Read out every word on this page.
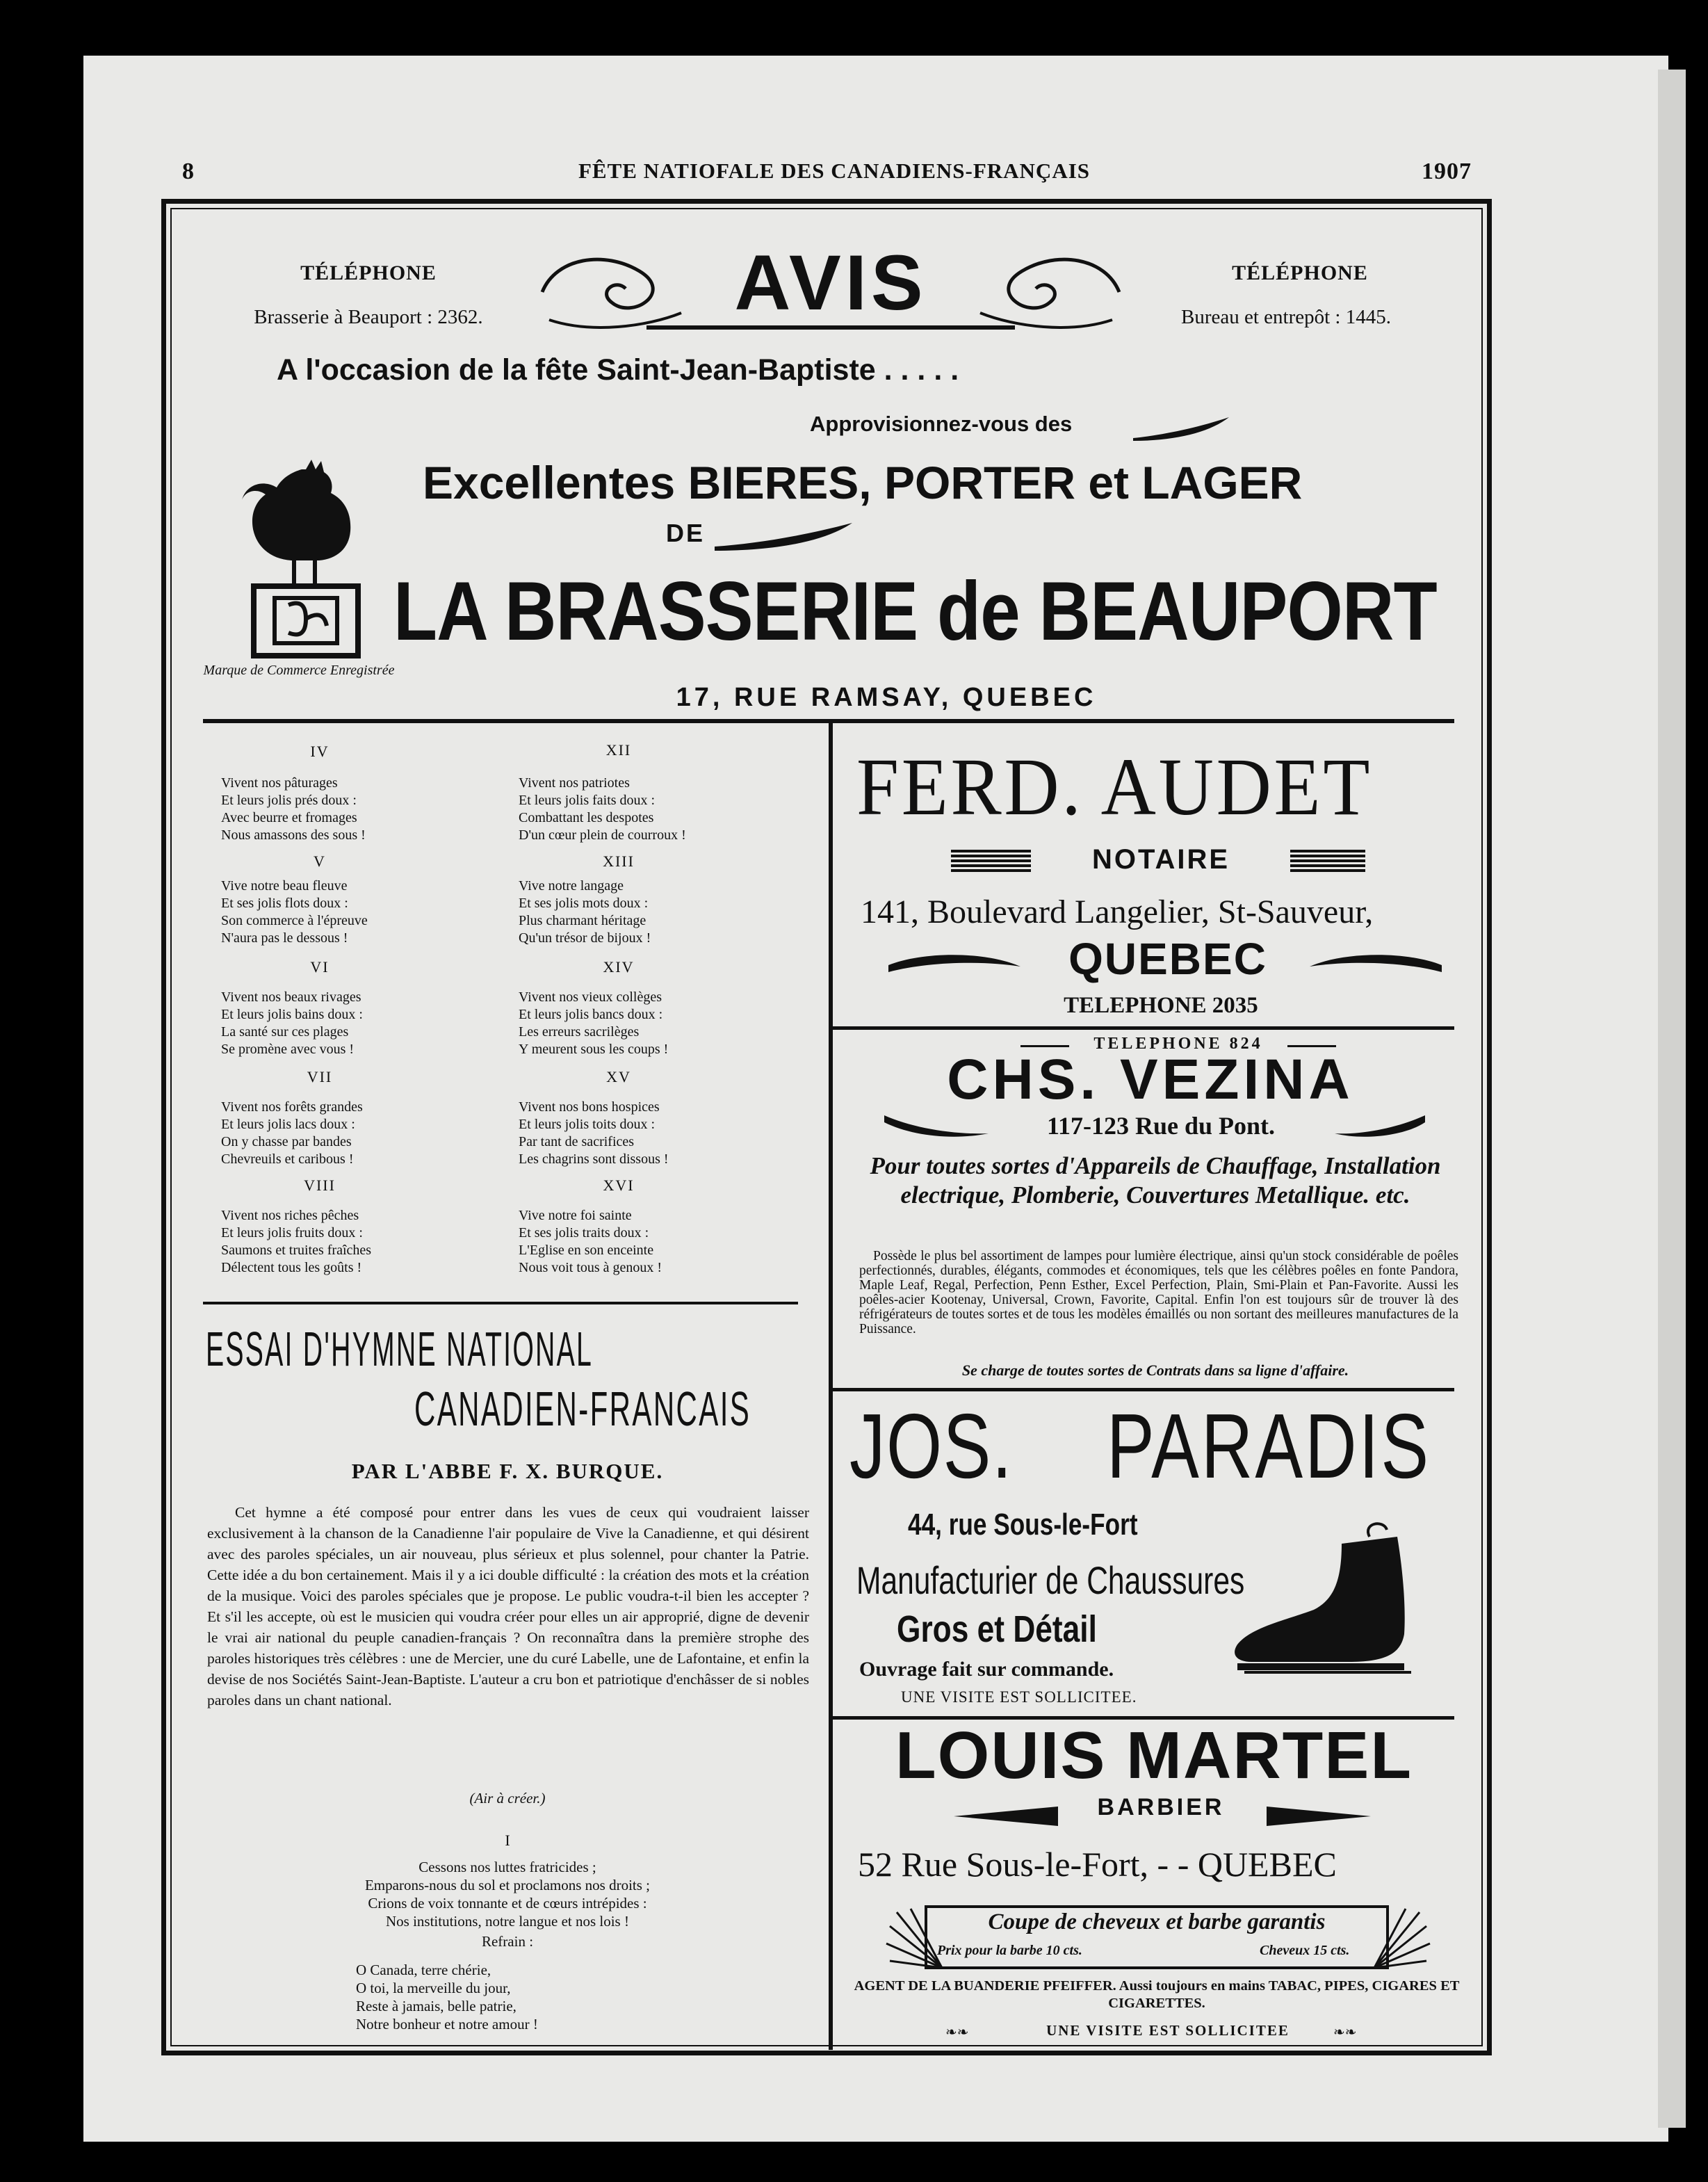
8	FÊTE NATIOFALE DES CANADIENS-FRANÇAIS	1907
TÉLÉPHONE
Brasserie à Beauport : 2362.	AVIS	TÉLÉPHONE
Bureau et entrepôt : 1445.
A l'occasion de la fête Saint-Jean-Baptiste . . . . .
Approvisionnez-vous des
Excellentes BIERES, PORTER et LAGER
DE
Marque de Commerce Enregistrée
LA BRASSERIE de BEAUPORT
17, RUE RAMSAY, QUEBEC
IV
Vivent nos pâturages
Et leurs jolis prés doux :
Avec beurre et fromages
Nous amassons des sous !
V
Vive notre beau fleuve
Et ses jolis flots doux :
Son commerce à l'épreuve
N'aura pas le dessous !
VI
Vivent nos beaux rivages
Et leurs jolis bains doux :
La santé sur ces plages
Se promène avec vous !
VII
Vivent nos forêts grandes
Et leurs jolis lacs doux :
On y chasse par bandes
Chevreuils et caribous !
VIII
Vivent nos riches pêches
Et leurs jolis fruits doux :
Saumons et truites fraîches
Délectent tous les goûts !
XII
Vivent nos patriotes
Et leurs jolis faits doux :
Combattant les despotes
D'un cœur plein de courroux !
XIII
Vive notre langage
Et ses jolis mots doux :
Plus charmant héritage
Qu'un trésor de bijoux !
XIV
Vivent nos vieux collèges
Et leurs jolis bancs doux :
Les erreurs sacrilèges
Y meurent sous les coups !
XV
Vivent nos bons hospices
Et leurs jolis toits doux :
Par tant de sacrifices
Les chagrins sont dissous !
XVI
Vive notre foi sainte
Et ses jolis traits doux :
L'Eglise en son enceinte
Nous voit tous à genoux !
ESSAI D'HYMNE NATIONAL
CANADIEN-FRANCAIS
PAR L'ABBE F. X. BURQUE.
Cet hymne a été composé pour entrer dans les vues de ceux qui voudraient laisser exclusivement à la chanson de la Canadienne l'air populaire de Vive la Canadienne, et qui désirent avec des paroles spéciales, un air nouveau, plus sérieux et plus solennel, pour chanter la Patrie. Cette idée a du bon certainement. Mais il y a ici double difficulté : la création des mots et la création de la musique. Voici des paroles spéciales que je propose. Le public voudra-t-il bien les accepter ? Et s'il les accepte, où est le musicien qui voudra créer pour elles un air approprié, digne de devenir le vrai air national du peuple canadien-français ? On reconnaîtra dans la première strophe des paroles historiques très célèbres : une de Mercier, une du curé Labelle, une de Lafontaine, et enfin la devise de nos Sociétés Saint-Jean-Baptiste. L'auteur a cru bon et patriotique d'enchâsser de si nobles paroles dans un chant national.
(Air à créer.)
I
Cessons nos luttes fratricides ;
Emparons-nous du sol et proclamons nos droits ;
Crions de voix tonnante et de cœurs intrépides :
Nos institutions, notre langue et nos lois !
Refrain :
O Canada, terre chérie,
O toi, la merveille du jour,
Reste à jamais, belle patrie,
Notre bonheur et notre amour !
FERD. AUDET
NOTAIRE
141, Boulevard Langelier, St-Sauveur,
QUEBEC
TELEPHONE 2035
TELEPHONE 824
CHS. VEZINA
117-123 Rue du Pont.
Pour toutes sortes d'Appareils de Chauffage, Installation electrique, Plomberie, Couvertures Metallique. etc.
Possède le plus bel assortiment de lampes pour lumière électrique, ainsi qu'un stock considérable de poêles perfectionnés, durables, élégants, commodes et économiques, tels que les célèbres poêles en fonte Pandora, Maple Leaf, Regal, Perfection, Penn Esther, Excel Perfection, Plain, Smi-Plain et Pan-Favorite. Aussi les poêles-acier Kootenay, Universal, Crown, Favorite, Capital. Enfin l'on est toujours sûr de trouver là des réfrigérateurs de toutes sortes et de tous les modèles émaillés ou non sortant des meilleures manufactures de la Puissance.
Se charge de toutes sortes de Contrats dans sa ligne d'affaire.
JOS. PARADIS
44, rue Sous-le-Fort
Manufacturier de Chaussures
Gros et Détail
Ouvrage fait sur commande.
UNE VISITE EST SOLLICITEE.
LOUIS MARTEL
BARBIER
52 Rue Sous-le-Fort, - - QUEBEC
Coupe de cheveux et barbe garantis
Prix pour la barbe 10 cts.	Cheveux 15 cts.
AGENT DE LA BUANDERIE PFEIFFER. Aussi toujours en mains TABAC, PIPES, CIGARES ET CIGARETTES.
❧❧	UNE VISITE EST SOLLICITEE	❧❧
